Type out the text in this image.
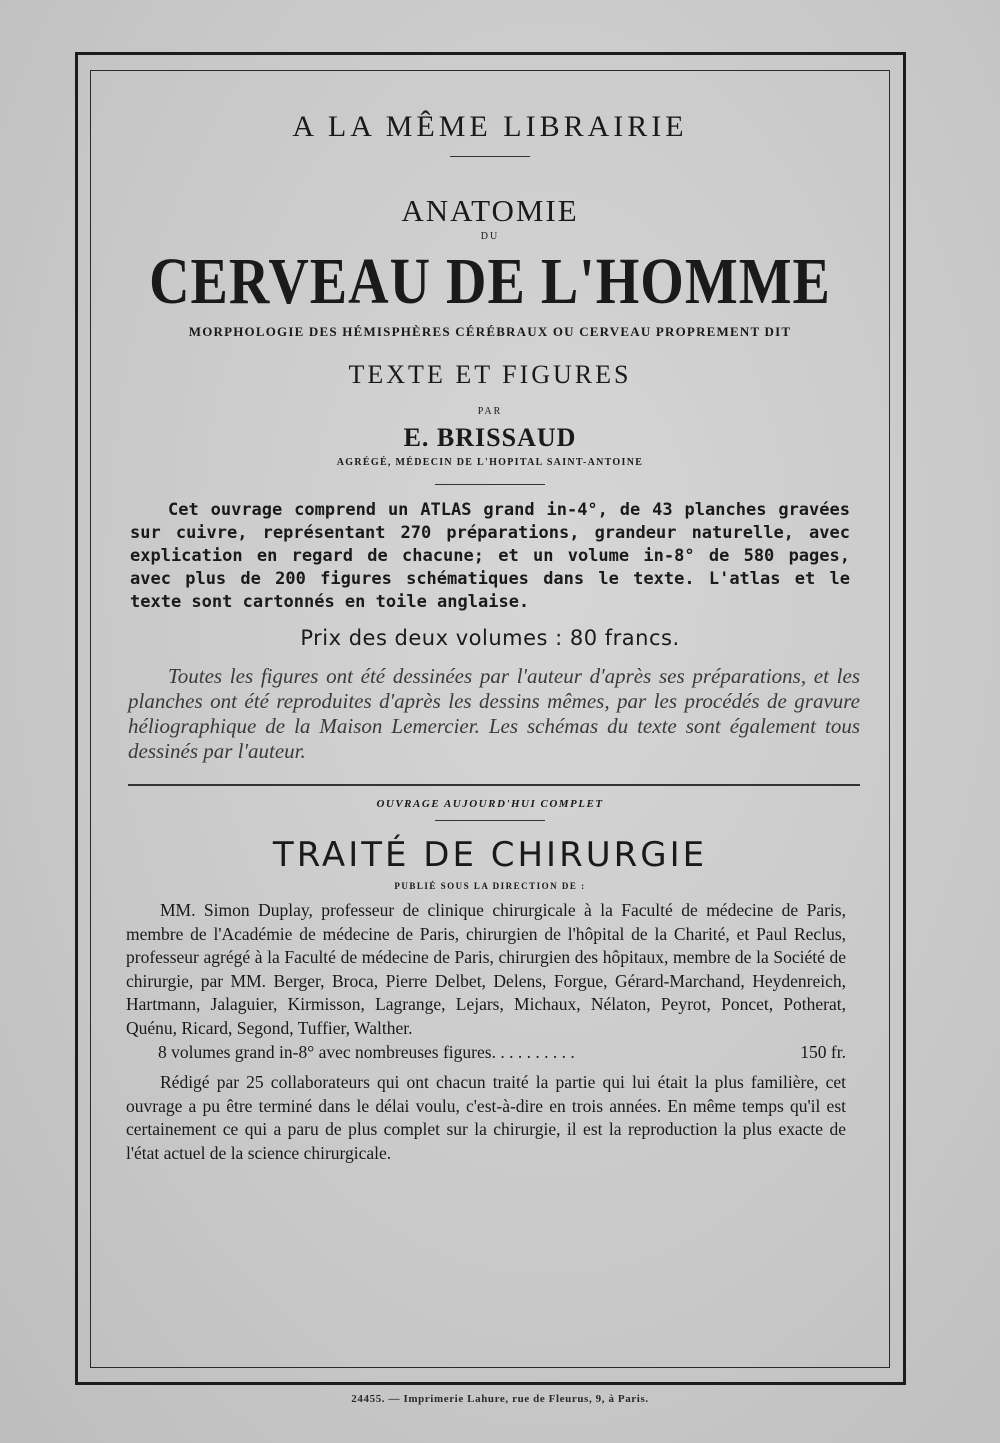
A LA MÊME LIBRAIRIE
ANATOMIE
DU
CERVEAU DE L'HOMME
MORPHOLOGIE DES HÉMISPHÈRES CÉRÉBRAUX OU CERVEAU PROPREMENT DIT
TEXTE ET FIGURES
PAR
E. BRISSAUD
AGRÉGÉ, MÉDECIN DE L'HOPITAL SAINT-ANTOINE
Cet ouvrage comprend un ATLAS grand in-4°, de 43 planches gravées sur cuivre, représentant 270 préparations, grandeur naturelle, avec explication en regard de chacune; et un volume in-8° de 580 pages, avec plus de 200 figures schématiques dans le texte. L'atlas et le texte sont cartonnés en toile anglaise.
Prix des deux volumes : 80 francs.
Toutes les figures ont été dessinées par l'auteur d'après ses préparations, et les planches ont été reproduites d'après les dessins mêmes, par les procédés de gravure héliographique de la Maison Lemercier. Les schémas du texte sont également tous dessinés par l'auteur.
OUVRAGE AUJOURD'HUI COMPLET
TRAITÉ DE CHIRURGIE
PUBLIÉ SOUS LA DIRECTION DE :
MM. Simon Duplay, professeur de clinique chirurgicale à la Faculté de médecine de Paris, membre de l'Académie de médecine de Paris, chirurgien de l'hôpital de la Charité, et Paul Reclus, professeur agrégé à la Faculté de médecine de Paris, chirurgien des hôpitaux, membre de la Société de chirurgie, par MM. Berger, Broca, Pierre Delbet, Delens, Forgue, Gérard-Marchand, Heydenreich, Hartmann, Jalaguier, Kirmisson, Lagrange, Lejars, Michaux, Nélaton, Peyrot, Poncet, Potherat, Quénu, Ricard, Segond, Tuffier, Walther.
8 volumes grand in-8° avec nombreuses figures. . . . . . . . . .	150 fr.
Rédigé par 25 collaborateurs qui ont chacun traité la partie qui lui était la plus familière, cet ouvrage a pu être terminé dans le délai voulu, c'est-à-dire en trois années. En même temps qu'il est certainement ce qui a paru de plus complet sur la chirurgie, il est la reproduction la plus exacte de l'état actuel de la science chirurgicale.
24455. — Imprimerie Lahure, rue de Fleurus, 9, à Paris.
